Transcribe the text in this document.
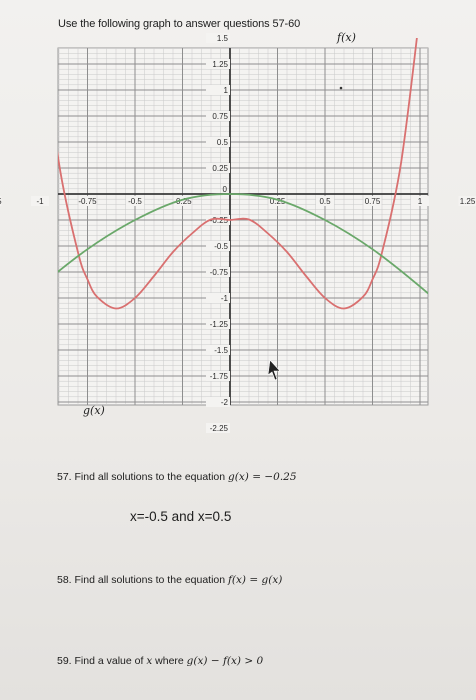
Use the following graph to answer questions 57-60
f(x)
-1	-0.75	-0.5	-0.25	0.25	0.5	0.75	1	1.25
0
1.5
1.25
1
0.75
0.5
0.25
-0.25
-0.5
-0.75
-1
-1.25
-1.5
-1.75
-2
-2.25
g(x)
57. Find all solutions to the equation g(x) = −0.25
x=-0.5 and x=0.5
58. Find all solutions to the equation f(x) = g(x)
59. Find a value of x where g(x) − f(x) > 0
